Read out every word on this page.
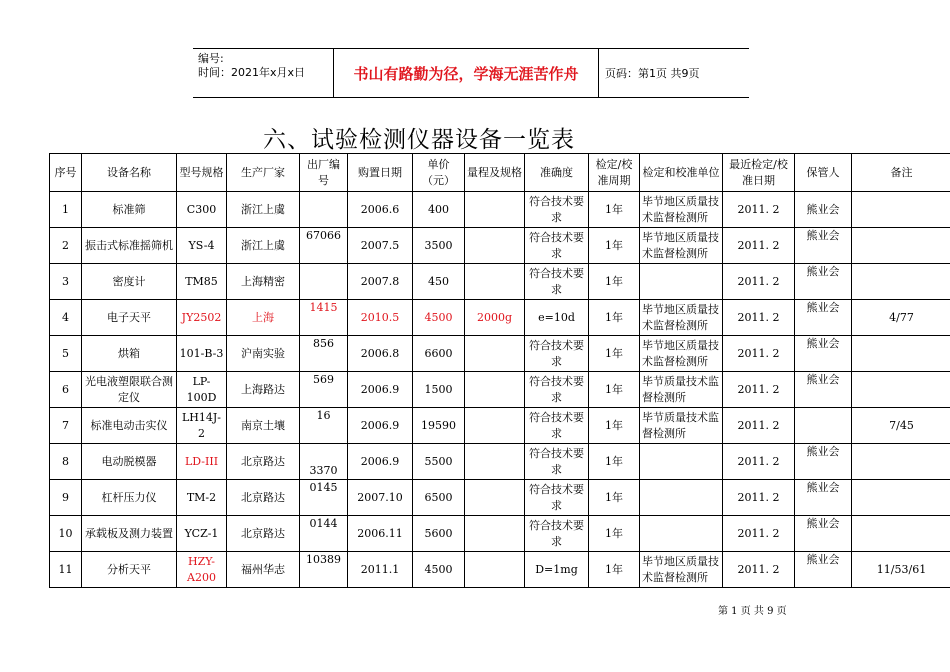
编号:
时间：2021年x月x日	书山有路勤为径，学海无涯苦作舟	页码：第1页 共9页
六、试验检测仪器设备一览表
序号	设备名称	型号规格	生产厂家	出厂编号	购置日期	单价（元）	量程及规格	准确度	检定/校准周期	检定和校准单位	最近检定/校准日期	保管人	备注
1	标准筛	C300	浙江上虞		2006.6	400		符合技术要求	1年	毕节地区质量技术监督检测所	2011. 2	熊业会	
2	振击式标准摇筛机	YS-4	浙江上虞	67066	2007.5	3500		符合技术要求	1年	毕节地区质量技术监督检测所	2011. 2	熊业会	
3	密度计	TM85	上海精密		2007.8	450		符合技术要求	1年		2011. 2	熊业会	
4	电子天平	JY2502	上海	1415	2010.5	4500	2000g	e=10d	1年	毕节地区质量技术监督检测所	2011. 2	熊业会	4/77
5	烘箱	101-B-3	沪南实验	856	2006.8	6600		符合技术要求	1年	毕节地区质量技术监督检测所	2011. 2	熊业会	
6	光电液塑限联合测定仪	LP-100D	上海路达	569	2006.9	1500		符合技术要求	1年	毕节质量技术监督检测所	2011. 2	熊业会	
7	标准电动击实仪	LH14J-2	南京土壤	16	2006.9	19590		符合技术要求	1年	毕节质量技术监督检测所	2011. 2		7/45
8	电动脱模器	LD-III	北京路达	3370	2006.9	5500		符合技术要求	1年		2011. 2	熊业会	
9	杠杆压力仪	TM-2	北京路达	0145	2007.10	6500		符合技术要求	1年		2011. 2	熊业会	
10	承载板及测力装置	YCZ-1	北京路达	0144	2006.11	5600		符合技术要求	1年		2011. 2	熊业会	
11	分析天平	HZY-A200	福州华志	10389	2011.1	4500		D=1mg	1年	毕节地区质量技术监督检测所	2011. 2	熊业会	11/53/61
第 1 页 共 9 页
